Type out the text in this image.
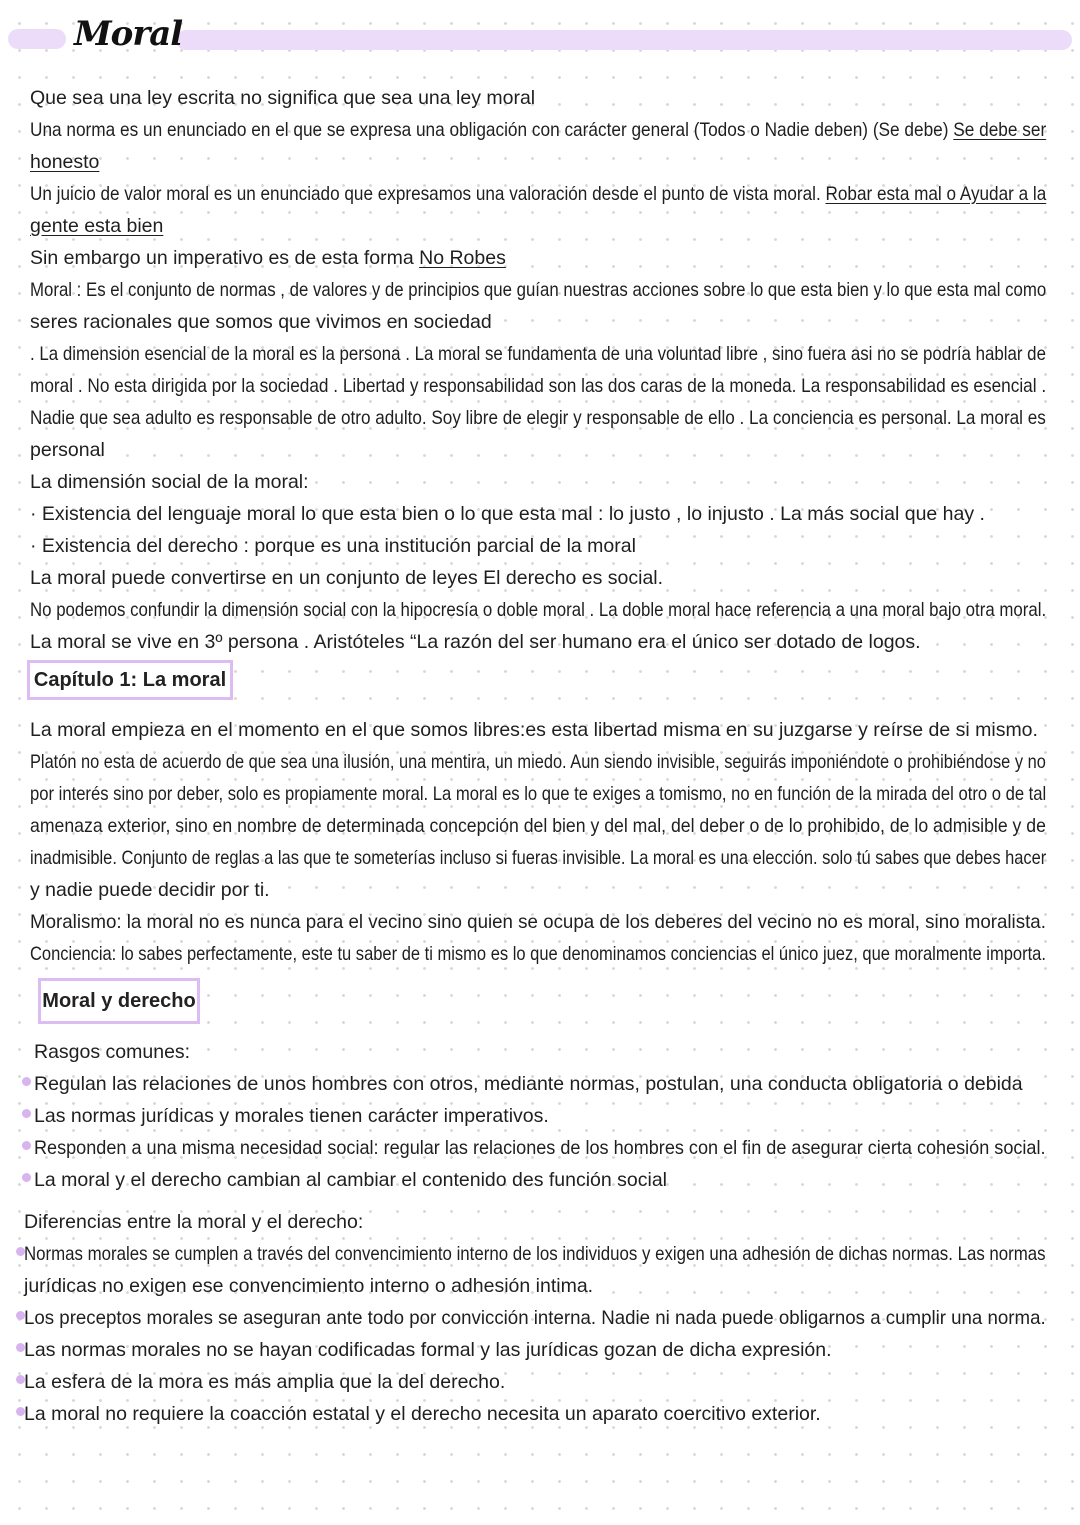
Moral

Que sea una ley escrita no significa que sea una ley moral

Una norma es un enunciado en el que se expresa una obligación con carácter general (Todos o Nadie deben) (Se debe) Se debe ser

honesto

Un juicio de valor moral es un enunciado que expresamos una valoración desde el punto de vista moral. Robar esta mal o Ayudar a la

gente esta bien

Sin embargo un imperativo es de esta forma No Robes

Moral : Es el conjunto de normas , de valores y de principios que guían nuestras acciones sobre lo que esta bien y lo que esta mal como

seres racionales que somos que vivimos en sociedad

. La dimension esencial de la moral es la persona . La moral se fundamenta de una voluntad libre , sino fuera asi no se podría hablar de

moral . No esta dirigida por la sociedad . Libertad y responsabilidad son las dos caras de la moneda. La responsabilidad es esencial .

Nadie que sea adulto es responsable de otro adulto. Soy libre de elegir y responsable de ello . La conciencia es personal. La moral es

personal

La dimensión social de la moral:

· Existencia del lenguaje moral lo que esta bien o lo que esta mal : lo justo , lo injusto . La más social que hay .

· Existencia del derecho : porque es una institución parcial de la moral

La moral puede convertirse en un conjunto de leyes El derecho es social.

No podemos confundir la dimensión social con la hipocresía o doble moral . La doble moral hace referencia a una moral bajo otra moral.

La moral se vive en 3º persona . Aristóteles “La razón del ser humano era el único ser dotado de logos.

Capítulo 1: La moral

La moral empieza en el momento en el que somos libres:es esta libertad misma en su juzgarse y reírse de si mismo.

Platón no esta de acuerdo de que sea una ilusión, una mentira, un miedo. Aun siendo invisible, seguirás imponiéndote o prohibiéndose y no

por interés sino por deber, solo es propiamente moral. La moral es lo que te exiges a tomismo, no en función de la mirada del otro o de tal

amenaza exterior, sino en nombre de determinada concepción del bien y del mal, del deber o de lo prohibido, de lo admisible y de

inadmisible. Conjunto de reglas a las que te someterías incluso si fueras invisible. La moral es una elección. solo tú sabes que debes hacer

y nadie puede decidir por ti.

Moralismo: la moral no es nunca para el vecino sino quien se ocupa de los deberes del vecino no es moral, sino moralista.

Conciencia: lo sabes perfectamente, este tu saber de ti mismo es lo que denominamos conciencias el único juez, que moralmente importa.

Moral y derecho

Rasgos comunes:

Regulan las relaciones de unos hombres con otros, mediante normas, postulan, una conducta obligatoria o debida

Las normas jurídicas y morales tienen carácter imperativos.

Responden a una misma necesidad social: regular las relaciones de los hombres con el fin de asegurar cierta cohesión social.

La moral y el derecho cambian al cambiar el contenido des función social

Diferencias entre la moral y el derecho:

Normas morales se cumplen a través del convencimiento interno de los individuos y exigen una adhesión de dichas normas. Las normas

jurídicas no exigen ese convencimiento interno o adhesión intima.

Los preceptos morales se aseguran ante todo por convicción interna. Nadie ni nada puede obligarnos a cumplir una norma.

Las normas morales no se hayan codificadas formal y las jurídicas gozan de dicha expresión.

La esfera de la mora es más amplia que la del derecho.

La moral no requiere la coacción estatal y el derecho necesita un aparato coercitivo exterior.
